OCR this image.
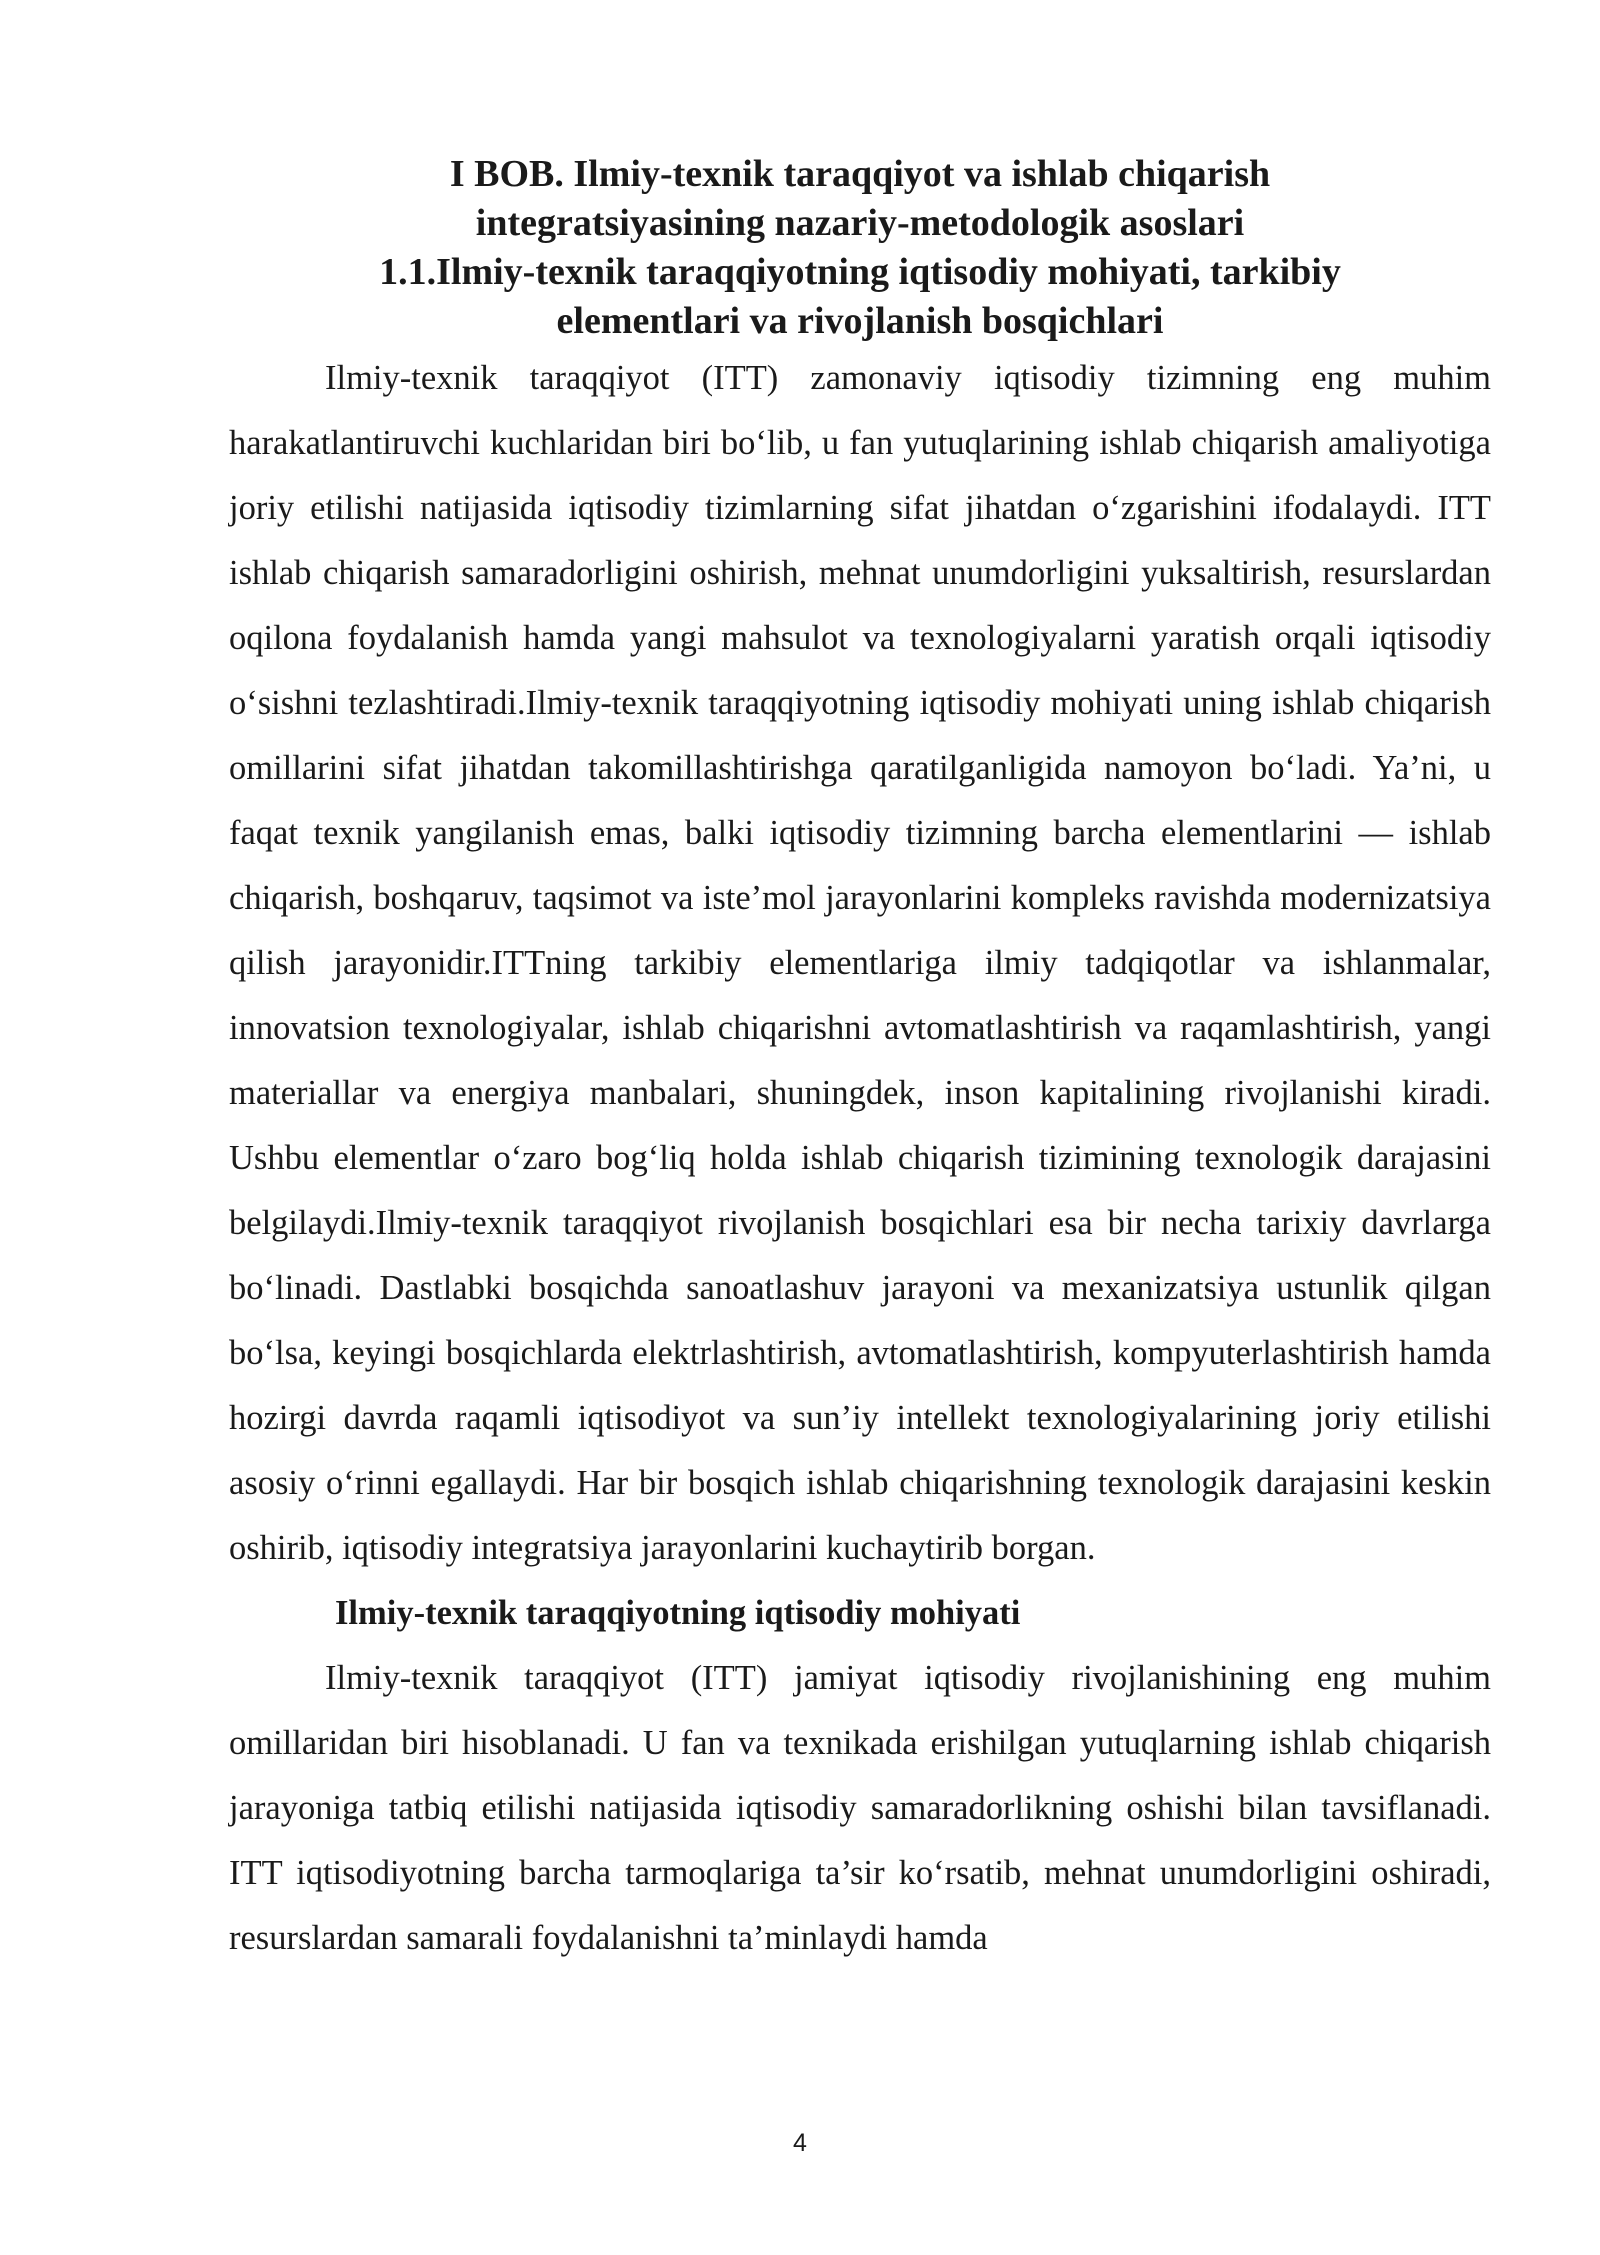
I BOB. Ilmiy-texnik taraqqiyot va ishlab chiqarish
integratsiyasining nazariy-metodologik asoslari
1.1.Ilmiy-texnik taraqqiyotning iqtisodiy mohiyati, tarkibiy
elementlari va rivojlanish bosqichlari

Ilmiy-texnik taraqqiyot (ITT) zamonaviy iqtisodiy tizimning eng muhim harakatlantiruvchi kuchlaridan biri bo‘lib, u fan yutuqlarining ishlab chiqarish amaliyotiga joriy etilishi natijasida iqtisodiy tizimlarning sifat jihatdan o‘zgarishini ifodalaydi. ITT ishlab chiqarish samaradorligini oshirish, mehnat unumdorligini yuksaltirish, resurslardan oqilona foydalanish hamda yangi mahsulot va texnologiyalarni yaratish orqali iqtisodiy o‘sishni tezlashtiradi.Ilmiy-texnik taraqqiyotning iqtisodiy mohiyati uning ishlab chiqarish omillarini sifat jihatdan takomillashtirishga qaratilganligida namoyon bo‘ladi. Ya’ni, u faqat texnik yangilanish emas, balki iqtisodiy tizimning barcha elementlarini — ishlab chiqarish, boshqaruv, taqsimot va iste’mol jarayonlarini kompleks ravishda modernizatsiya qilish jarayonidir.ITTning tarkibiy elementlariga ilmiy tadqiqotlar va ishlanmalar, innovatsion texnologiyalar, ishlab chiqarishni avtomatlashtirish va raqamlashtirish, yangi materiallar va energiya manbalari, shuningdek, inson kapitalining rivojlanishi kiradi. Ushbu elementlar o‘zaro bog‘liq holda ishlab chiqarish tizimining texnologik darajasini belgilaydi.Ilmiy-texnik taraqqiyot rivojlanish bosqichlari esa bir necha tarixiy davrlarga bo‘linadi. Dastlabki bosqichda sanoatlashuv jarayoni va mexanizatsiya ustunlik qilgan bo‘lsa, keyingi bosqichlarda elektrlashtirish, avtomatlashtirish, kompyuterlashtirish hamda hozirgi davrda raqamli iqtisodiyot va sun’iy intellekt texnologiyalarining joriy etilishi asosiy o‘rinni egallaydi. Har bir bosqich ishlab chiqarishning texnologik darajasini keskin oshirib, iqtisodiy integratsiya jarayonlarini kuchaytirib borgan.

Ilmiy-texnik taraqqiyotning iqtisodiy mohiyati

Ilmiy-texnik taraqqiyot (ITT) jamiyat iqtisodiy rivojlanishining eng muhim omillaridan biri hisoblanadi. U fan va texnikada erishilgan yutuqlarning ishlab chiqarish jarayoniga tatbiq etilishi natijasida iqtisodiy samaradorlikning oshishi bilan tavsiflanadi. ITT iqtisodiyotning barcha tarmoqlariga ta’sir ko‘rsatib, mehnat unumdorligini oshiradi, resurslardan samarali foydalanishni ta’minlaydi hamda

4
